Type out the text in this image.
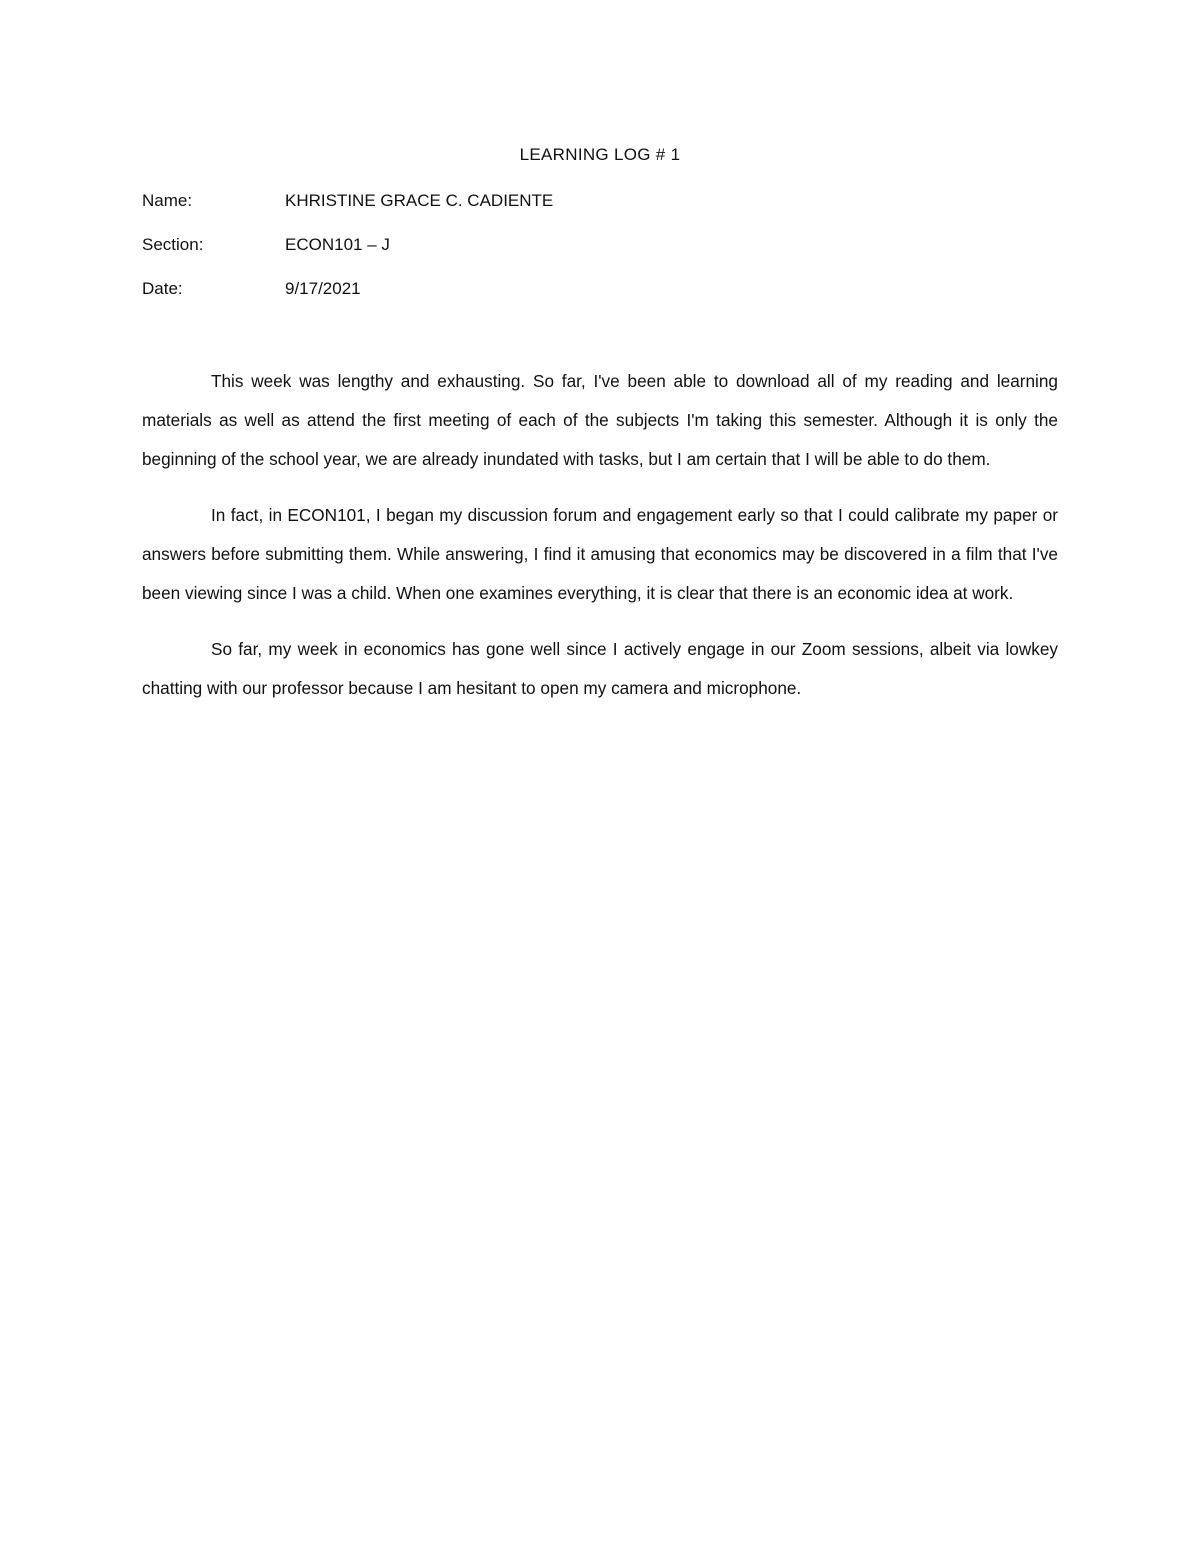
LEARNING LOG # 1
Name:	KHRISTINE GRACE C. CADIENTE
Section:	ECON101 – J
Date:	9/17/2021

This week was lengthy and exhausting. So far, I've been able to download all of my reading and learning materials as well as attend the first meeting of each of the subjects I'm taking this semester. Although it is only the beginning of the school year, we are already inundated with tasks, but I am certain that I will be able to do them.

In fact, in ECON101, I began my discussion forum and engagement early so that I could calibrate my paper or answers before submitting them. While answering, I find it amusing that economics may be discovered in a film that I've been viewing since I was a child. When one examines everything, it is clear that there is an economic idea at work.

So far, my week in economics has gone well since I actively engage in our Zoom sessions, albeit via lowkey chatting with our professor because I am hesitant to open my camera and microphone.
